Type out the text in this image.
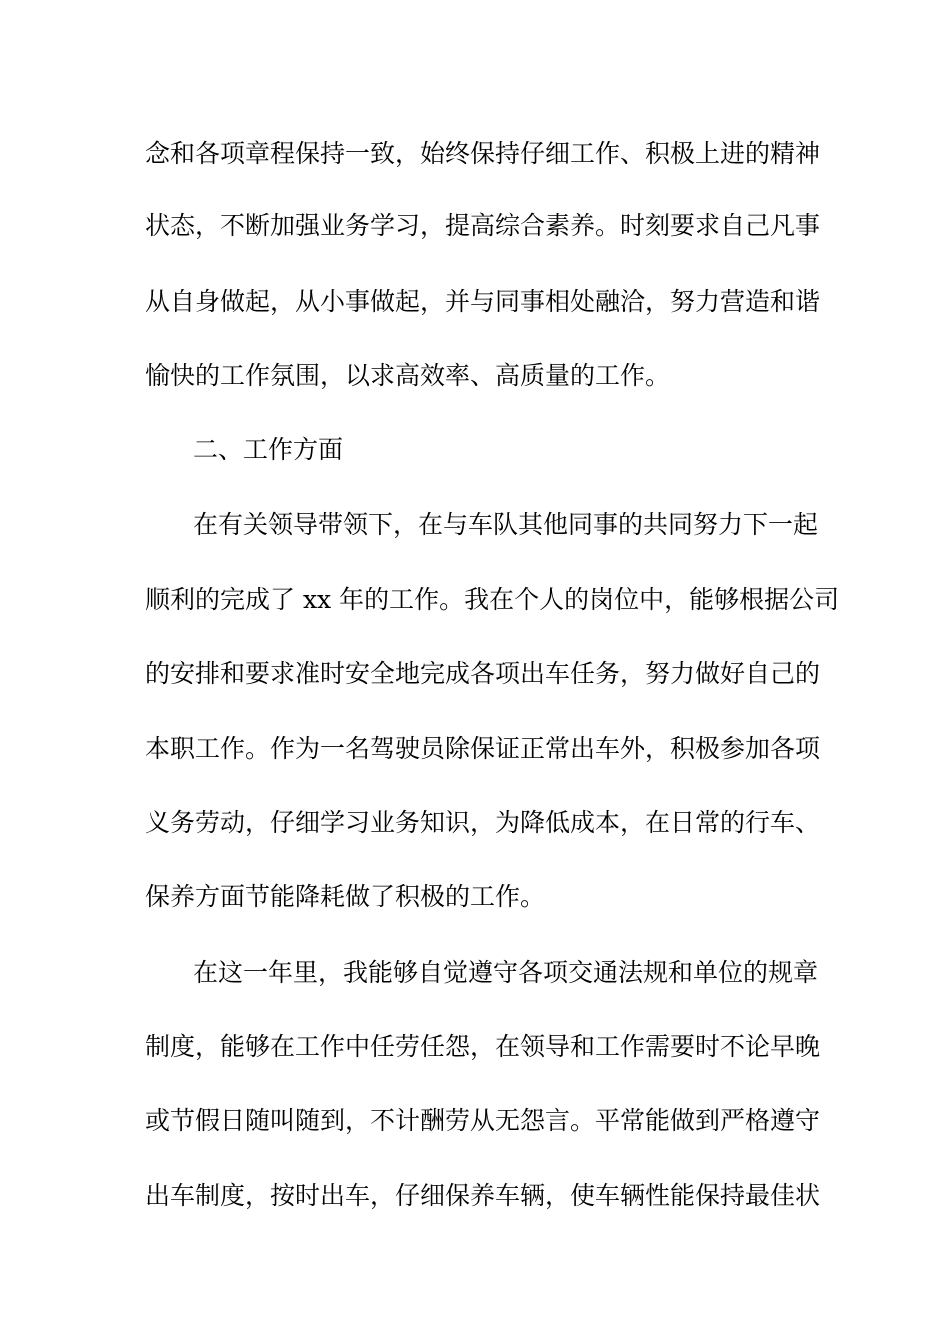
念和各项章程保持一致，始终保持仔细工作、积极上进的精神
状态，不断加强业务学习，提高综合素养。时刻要求自己凡事
从自身做起，从小事做起，并与同事相处融洽，努力营造和谐
愉快的工作氛围，以求高效率、高质量的工作。
二、工作方面
在有关领导带领下，在与车队其他同事的共同努力下一起
顺利的完成了 xx 年的工作。我在个人的岗位中，能够根据公司
的安排和要求准时安全地完成各项出车任务，努力做好自己的
本职工作。作为一名驾驶员除保证正常出车外，积极参加各项
义务劳动，仔细学习业务知识，为降低成本，在日常的行车、
保养方面节能降耗做了积极的工作。
在这一年里，我能够自觉遵守各项交通法规和单位的规章
制度，能够在工作中任劳任怨，在领导和工作需要时不论早晚
或节假日随叫随到，不计酬劳从无怨言。平常能做到严格遵守
出车制度，按时出车，仔细保养车辆，使车辆性能保持最佳状
